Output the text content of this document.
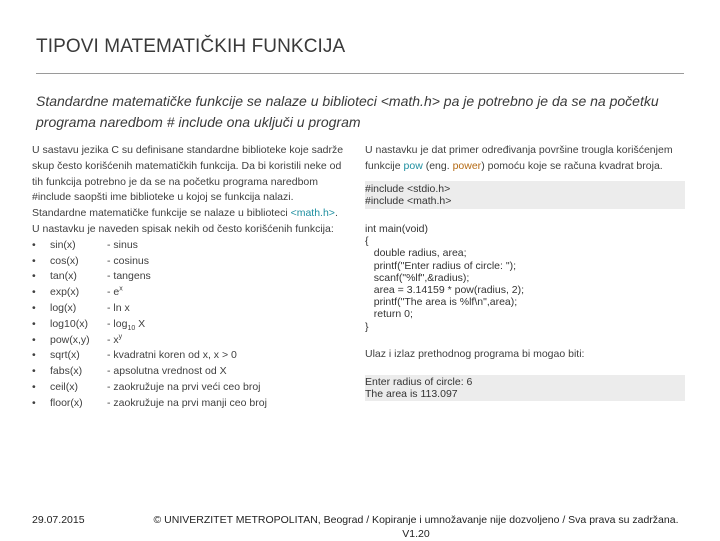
TIPOVI MATEMATIČKIH FUNKCIJA
Standardne matematičke funkcije se nalaze u biblioteci <math.h> pa je potrebno je da se na početku programa naredbom # include ona uključi u program
U sastavu jezika C su definisane standardne biblioteke koje sadrže skup često korišćenih matematičkih funkcija. Da bi koristili neke od tih funkcija potrebno je da se na početku programa naredbom #include saopšti ime biblioteke u kojoj se funkcija nalazi. Standardne matematičke funkcije se nalaze u biblioteci <math.h>. U nastavku je naveden spisak nekih od često korišćenih funkcija:
•	sin(x)	- sinus
•	cos(x)	- cosinus
•	tan(x)	- tangens
•	exp(x)	- $e^x$
•	log(x)	- ln x
•	log10(x)	- $\log_{10} X$
•	pow(x,y)	- $x^y$
•	sqrt(x)	- kvadratni koren od x, x > 0
•	fabs(x)	- apsolutna vrednost od X
•	ceil(x)	- zaokružuje na prvi veći ceo broj
•	floor(x)	- zaokružuje na prvi manji ceo broj

U nastavku je dat primer određivanja površine trougla korišćenjem funkcije pow (eng. power) pomoću koje se računa kvadrat broja.

#include <stdio.h>
#include <math.h>
int main(void)
{
double radius, area;
printf("Enter radius of circle: ");
scanf("%lf",&radius);
area = 3.14159 * pow(radius, 2);
printf("The area is %lf\n",area);
return 0;
}

Ulaz i izlaz prethodnog programa bi mogao biti:

Enter radius of circle: 6
The area is 113.097
29.07.2015	© UNIVERZITET METROPOLITAN, Beograd / Kopiranje i umnožavanje nije dozvoljeno / Sva prava su zadržana.
V1.20
